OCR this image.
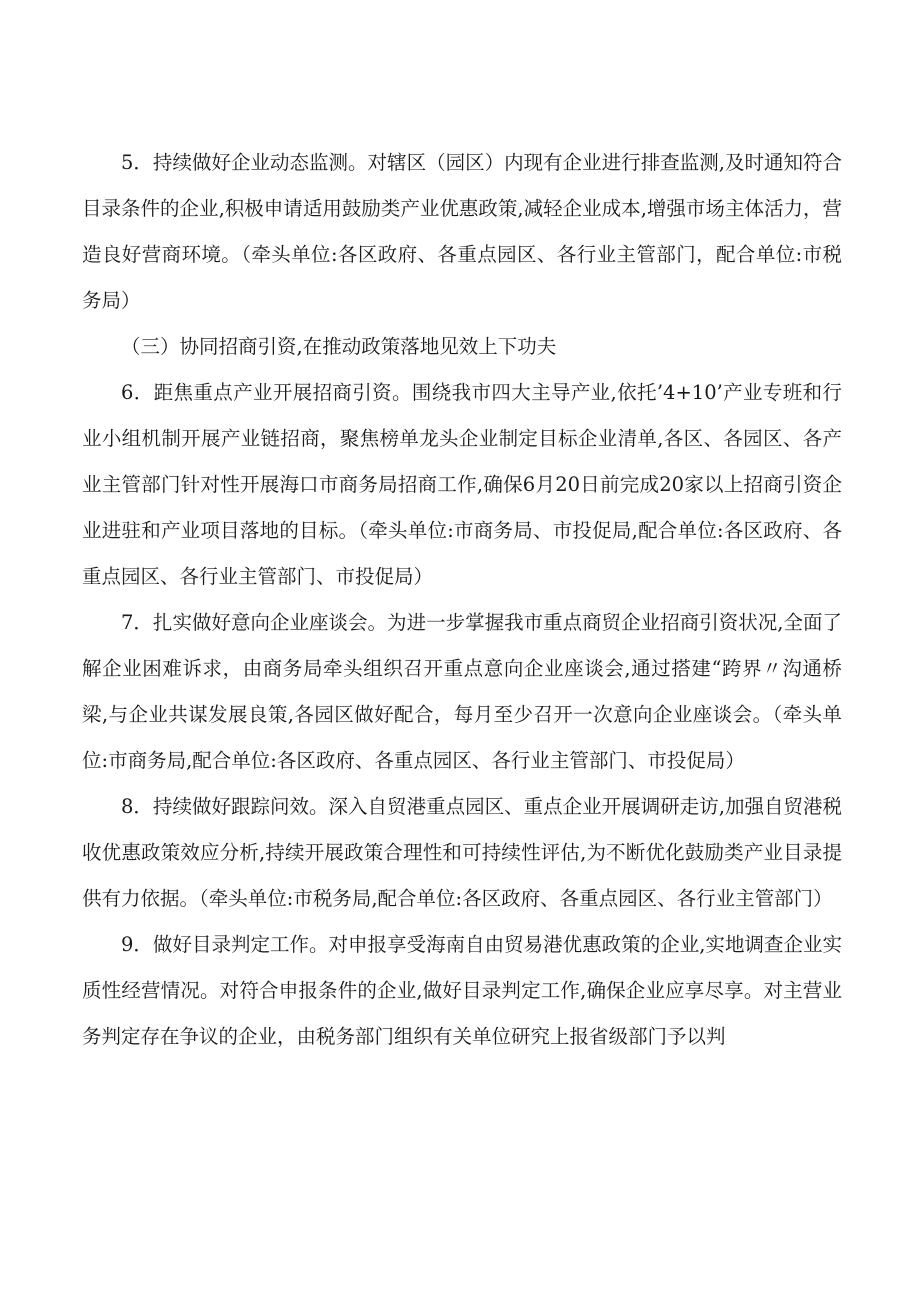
5．持续做好企业动态监测。对辖区（园区）内现有企业进行排查监测,及时通知符合目录条件的企业,积极申请适用鼓励类产业优惠政策,减轻企业成本,增强市场主体活力，营造良好营商环境。（牵头单位:各区政府、各重点园区、各行业主管部门，配合单位:市税务局）

（三）协同招商引资,在推动政策落地见效上下功夫

6．距焦重点产业开展招商引资。围绕我市四大主导产业,依托’4+10’产业专班和行业小组机制开展产业链招商，聚焦榜单龙头企业制定目标企业清单,各区、各园区、各产业主管部门针对性开展海口市商务局招商工作,确保6月20日前完成20家以上招商引资企业进驻和产业项目落地的目标。（牵头单位:市商务局、市投促局,配合单位:各区政府、各重点园区、各行业主管部门、市投促局）

7．扎实做好意向企业座谈会。为进一步掌握我市重点商贸企业招商引资状况,全面了解企业困难诉求，由商务局牵头组织召开重点意向企业座谈会,通过搭建“跨界〃沟通桥梁,与企业共谋发展良策,各园区做好配合，每月至少召开一次意向企业座谈会。（牵头单位:市商务局,配合单位:各区政府、各重点园区、各行业主管部门、市投促局）

8．持续做好跟踪问效。深入自贸港重点园区、重点企业开展调研走访,加强自贸港税收优惠政策效应分析,持续开展政策合理性和可持续性评估,为不断优化鼓励类产业目录提供有力依据。（牵头单位:市税务局,配合单位:各区政府、各重点园区、各行业主管部门）

9．做好目录判定工作。对申报享受海南自由贸易港优惠政策的企业,实地调查企业实质性经营情况。对符合申报条件的企业,做好目录判定工作,确保企业应享尽享。对主营业务判定存在争议的企业，由税务部门组织有关单位研究上报省级部门予以判
